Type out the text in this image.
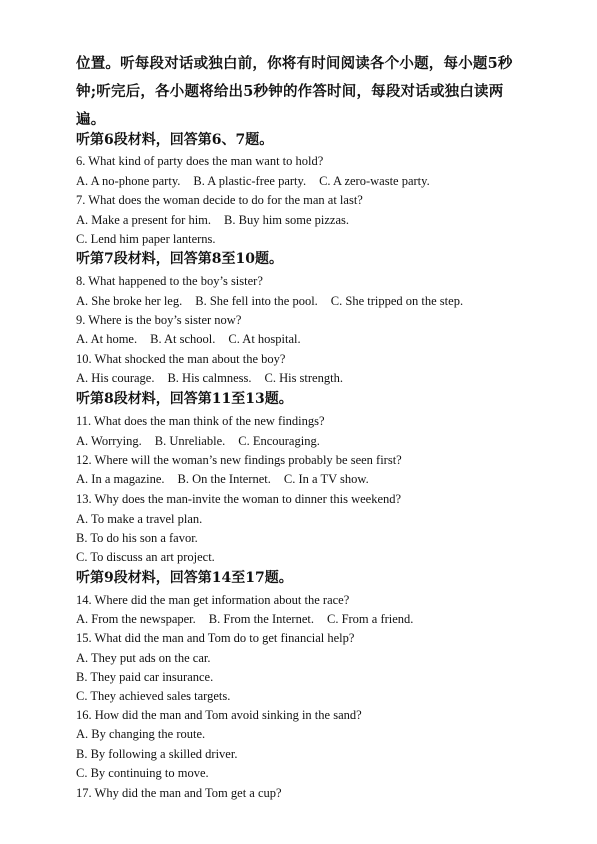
位置。听每段对话或独白前，你将有时间阅读各个小题，每小题5秒钟;听完后，各小题将给出5秒钟的作答时间，每段对话或独白读两遍。

听第6段材料，回答第6、7题。
6. What kind of party does the man want to hold?
A. A no-phone party. B. A plastic-free party. C. A zero-waste party.
7. What does the woman decide to do for the man at last?
A. Make a present for him. B. Buy him some pizzas.
C. Lend him paper lanterns.
听第7段材料，回答第8至10题。
8. What happened to the boy’s sister?
A. She broke her leg. B. She fell into the pool. C. She tripped on the step.
9. Where is the boy’s sister now?
A. At home. B. At school. C. At hospital.
10. What shocked the man about the boy?
A. His courage. B. His calmness. C. His strength.
听第8段材料，回答第11至13题。
11. What does the man think of the new findings?
A. Worrying. B. Unreliable. C. Encouraging.
12. Where will the woman’s new findings probably be seen first?
A. In a magazine. B. On the Internet. C. In a TV show.
13. Why does the man-invite the woman to dinner this weekend?
A. To make a travel plan.
B. To do his son a favor.
C. To discuss an art project.
听第9段材料，回答第14至17题。
14. Where did the man get information about the race?
A. From the newspaper. B. From the Internet. C. From a friend.
15. What did the man and Tom do to get financial help?
A. They put ads on the car.
B. They paid car insurance.
C. They achieved sales targets.
16. How did the man and Tom avoid sinking in the sand?
A. By changing the route.
B. By following a skilled driver.
C. By continuing to move.
17. Why did the man and Tom get a cup?
